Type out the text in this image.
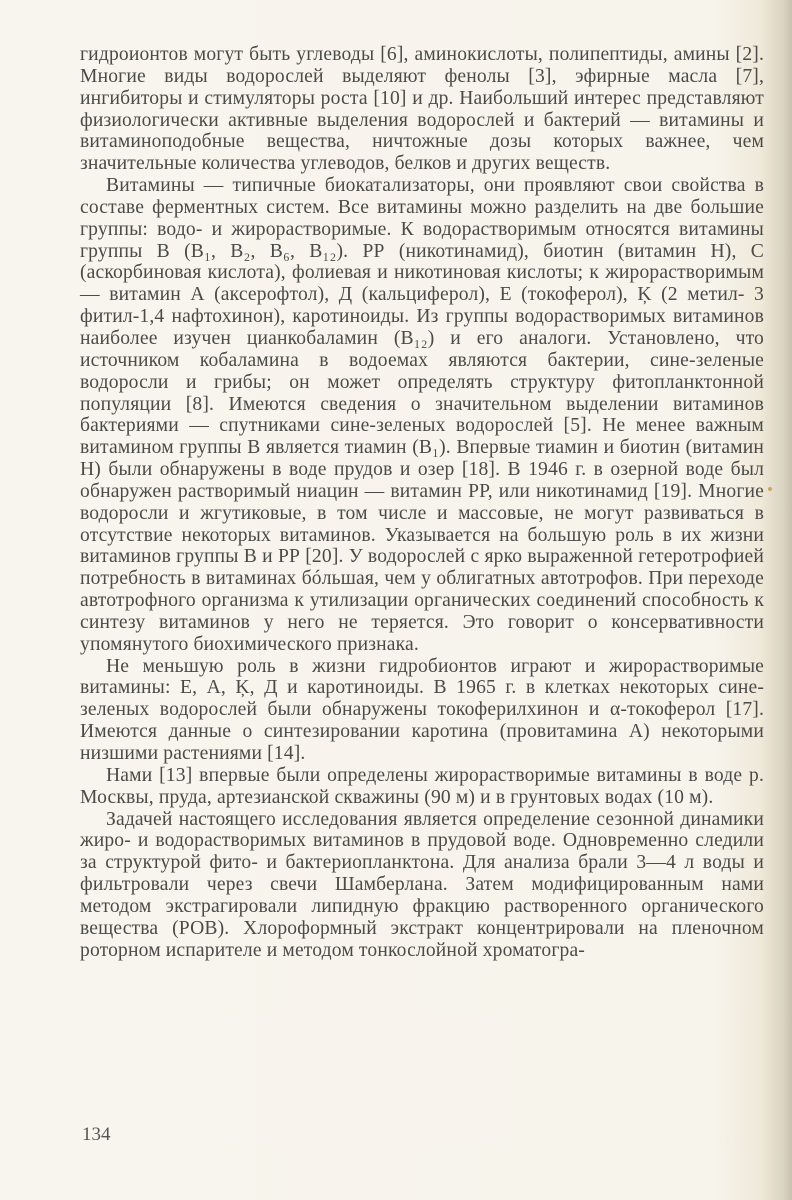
гидроионтов могут быть углеводы [6], аминокислоты, полипептиды, амины [2]. Многие виды водорослей выделяют фенолы [3], эфирные масла [7], ингибиторы и стимуляторы роста [10] и др. Наибольший интерес представляют физиологически активные выделения водорослей и бактерий — витамины и витаминоподобные вещества, ничтожные дозы которых важнее, чем значительные количества углеводов, белков и других веществ.

Витамины — типичные биокатализаторы, они проявляют свои свойства в составе ферментных систем. Все витамины можно разделить на две большие группы: водо- и жирорастворимые. К водорастворимым относятся витамины группы В (B₁, B₂, B₆, B₁₂). РР (никотинамид), биотин (витамин Н), С (аскорбиновая кислота), фолиевая и никотиновая кислоты; к жирорастворимым — витамин А (аксерофтол), Д (кальциферол), Е (токоферол), Ķ (2 метил- 3 фитил-1,4 нафтохинон), каротиноиды. Из группы водорастворимых витаминов наиболее изучен цианкобаламин (B₁₂) и его аналоги. Установлено, что источником кобаламина в водоемах являются бактерии, сине-зеленые водоросли и грибы; он может определять структуру фитопланктонной популяции [8]. Имеются сведения о значительном выделении витаминов бактериями — спутниками сине-зеленых водорослей [5]. Не менее важным витамином группы В является тиамин (B₁). Впервые тиамин и биотин (витамин Н) были обнаружены в воде прудов и озер [18]. В 1946 г. в озерной воде был обнаружен растворимый ниацин — витамин РР, или никотинамид [19]. Многие водоросли и жгутиковые, в том числе и массовые, не могут развиваться в отсутствие некоторых витаминов. Указывается на большую роль в их жизни витаминов группы В и РР [20]. У водорослей с ярко выраженной гетеротрофией потребность в витаминах бóльшая, чем у облигатных автотрофов. При переходе автотрофного организма к утилизации органических соединений способность к синтезу витаминов у него не теряется. Это говорит о консервативности упомянутого биохимического признака.

Не меньшую роль в жизни гидробионтов играют и жирорастворимые витамины: Е, А, Ķ, Д и каротиноиды. В 1965 г. в клетках некоторых сине-зеленых водорослей были обнаружены токоферилхинон и α-токоферол [17]. Имеются данные о синтезировании каротина (провитамина А) некоторыми низшими растениями [14].

Нами [13] впервые были определены жирорастворимые витамины в воде р. Москвы, пруда, артезианской скважины (90 м) и в грунтовых водах (10 м).

Задачей настоящего исследования является определение сезонной динамики жиро- и водорастворимых витаминов в прудовой воде. Одновременно следили за структурой фито- и бактериопланктона. Для анализа брали 3—4 л воды и фильтровали через свечи Шамберлана. Затем модифицированным нами методом экстрагировали липидную фракцию растворенного органического вещества (РОВ). Хлороформный экстракт концентрировали на пленочном роторном испарителе и методом тонкослойной хроматогра-

134
